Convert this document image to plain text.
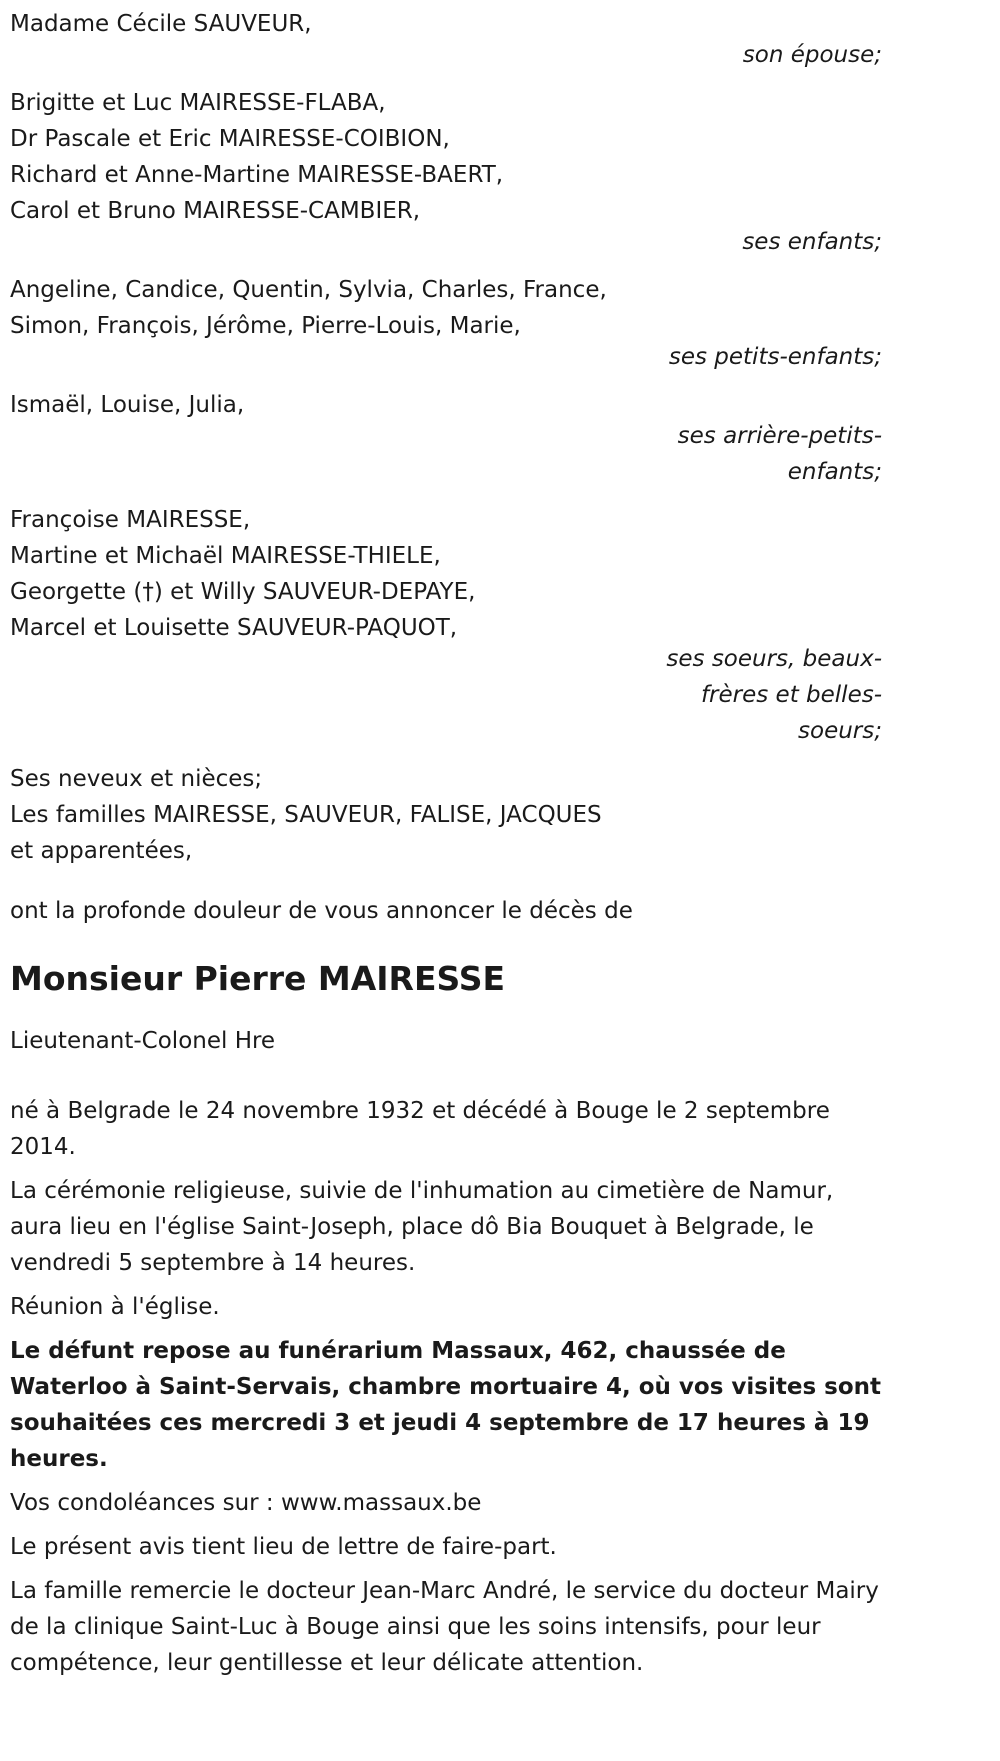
Madame Cécile SAUVEUR,
son épouse;
Brigitte et Luc MAIRESSE-FLABA,
Dr Pascale et Eric MAIRESSE-COIBION,
Richard et Anne-Martine MAIRESSE-BAERT,
Carol et Bruno MAIRESSE-CAMBIER,
ses enfants;
Angeline, Candice, Quentin, Sylvia, Charles, France,
Simon, François, Jérôme, Pierre-Louis, Marie,
ses petits-enfants;
Ismaël, Louise, Julia,
ses arrière-petits-
enfants;
Françoise MAIRESSE,
Martine et Michaël MAIRESSE-THIELE,
Georgette (†) et Willy SAUVEUR-DEPAYE,
Marcel et Louisette SAUVEUR-PAQUOT,
ses soeurs, beaux-
frères et belles-
soeurs;
Ses neveux et nièces;
Les familles MAIRESSE, SAUVEUR, FALISE, JACQUES
et apparentées,
ont la profonde douleur de vous annoncer le décès de
Monsieur Pierre MAIRESSE
Lieutenant-Colonel Hre

né à Belgrade le 24 novembre 1932 et décédé à Bouge le 2 septembre 2014.

La cérémonie religieuse, suivie de l'inhumation au cimetière de Namur, aura lieu en l'église Saint-Joseph, place dô Bia Bouquet à Belgrade, le vendredi 5 septembre à 14 heures.

Réunion à l'église.

Le défunt repose au funérarium Massaux, 462, chaussée de Waterloo à Saint-Servais, chambre mortuaire 4, où vos visites sont souhaitées ces mercredi 3 et jeudi 4 septembre de 17 heures à 19 heures.

Vos condoléances sur : www.massaux.be

Le présent avis tient lieu de lettre de faire-part.

La famille remercie le docteur Jean-Marc André, le service du docteur Mairy de la clinique Saint-Luc à Bouge ainsi que les soins intensifs, pour leur compétence, leur gentillesse et leur délicate attention.
